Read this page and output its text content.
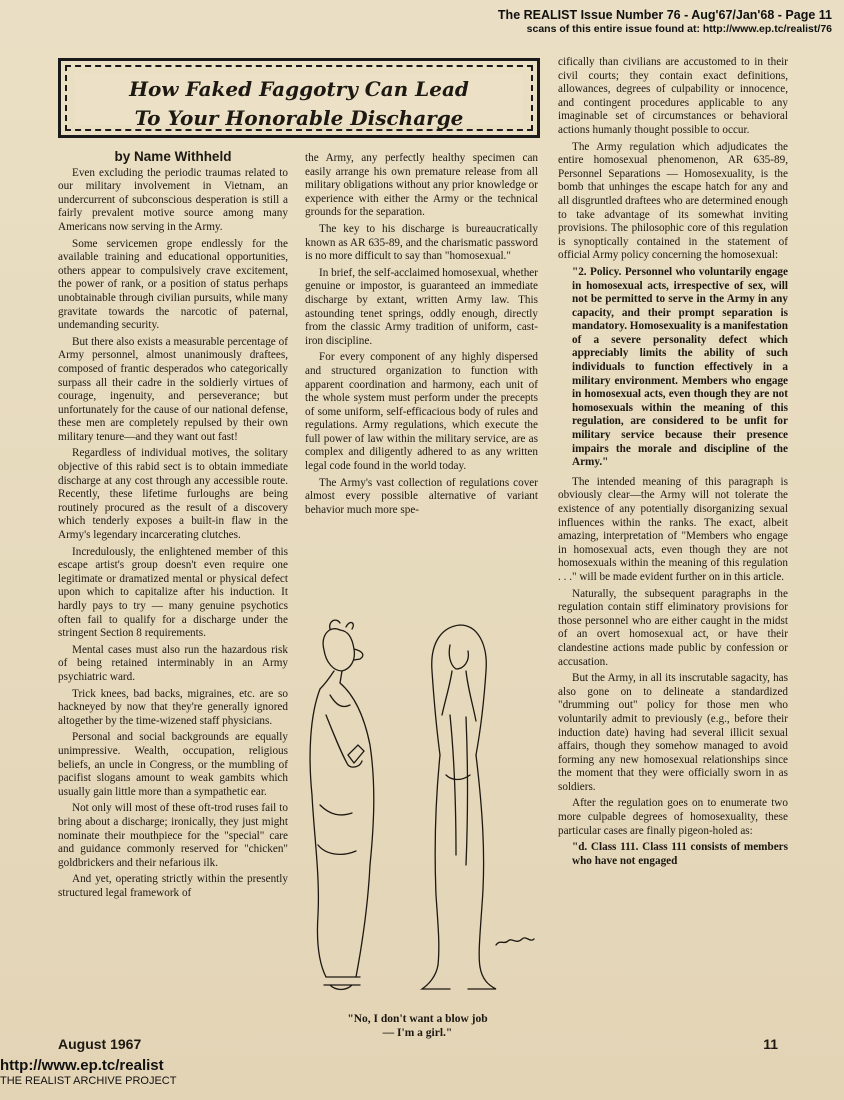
The REALIST Issue Number 76 - Aug'67/Jan'68 - Page 11
scans of this entire issue found at: http://www.ep.tc/realist/76
How Faked Faggotry Can Lead
To Your Honorable Discharge

by Name Withheld

Even excluding the periodic traumas related to our military involvement in Vietnam, an undercurrent of subconscious desperation is still a fairly prevalent motive source among many Americans now serving in the Army.

Some servicemen grope endlessly for the available training and educational opportunities, others appear to compulsively crave excitement, the power of rank, or a position of status perhaps unobtainable through civilian pursuits, while many gravitate towards the narcotic of paternal, undemanding security.

But there also exists a measurable percentage of Army personnel, almost unanimously draftees, composed of frantic desperados who categorically surpass all their cadre in the soldierly virtues of courage, ingenuity, and perseverance; but unfortunately for the cause of our national defense, these men are completely repulsed by their own military tenure—and they want out fast!

Regardless of individual motives, the solitary objective of this rabid sect is to obtain immediate discharge at any cost through any accessible route. Recently, these lifetime furloughs are being routinely procured as the result of a discovery which tenderly exposes a built-in flaw in the Army's legendary incarcerating clutches.

Incredulously, the enlightened member of this escape artist's group doesn't even require one legitimate or dramatized mental or physical defect upon which to capitalize after his induction. It hardly pays to try — many genuine psychotics often fail to qualify for a discharge under the stringent Section 8 requirements.

Mental cases must also run the hazardous risk of being retained interminably in an Army psychiatric ward.

Trick knees, bad backs, migraines, etc. are so hackneyed by now that they're generally ignored altogether by the time-wizened staff physicians.

Personal and social backgrounds are equally unimpressive. Wealth, occupation, religious beliefs, an uncle in Congress, or the mumbling of pacifist slogans amount to weak gambits which usually gain little more than a sympathetic ear.

Not only will most of these oft-trod ruses fail to bring about a discharge; ironically, they just might nominate their mouthpiece for the "special" care and guidance commonly reserved for "chicken" goldbrickers and their nefarious ilk.

And yet, operating strictly within the presently structured legal framework of

the Army, any perfectly healthy specimen can easily arrange his own premature release from all military obligations without any prior knowledge or experience with either the Army or the technical grounds for the separation.

The key to his discharge is bureaucratically known as AR 635-89, and the charismatic password is no more difficult to say than "homosexual."

In brief, the self-acclaimed homosexual, whether genuine or impostor, is guaranteed an immediate discharge by extant, written Army law. This astounding tenet springs, oddly enough, directly from the classic Army tradition of uniform, cast-iron discipline.

For every component of any highly dispersed and structured organization to function with apparent coordination and harmony, each unit of the whole system must perform under the precepts of some uniform, self-efficacious body of rules and regulations. Army regulations, which execute the full power of law within the military service, are as complex and diligently adhered to as any written legal code found in the world today.

The Army's vast collection of regulations cover almost every possible alternative of variant behavior much more spe-

"No, I don't want a blow job
— I'm a girl."

cifically than civilians are accustomed to in their civil courts; they contain exact definitions, allowances, degrees of culpability or innocence, and contingent procedures applicable to any imaginable set of circumstances or behavioral actions humanly thought possible to occur.

The Army regulation which adjudicates the entire homosexual phenomenon, AR 635-89, Personnel Separations — Homosexuality, is the bomb that unhinges the escape hatch for any and all disgruntled draftees who are determined enough to take advantage of its somewhat inviting provisions. The philosophic core of this regulation is synoptically contained in the statement of official Army policy concerning the homosexual:

"2. Policy. Personnel who voluntarily engage in homosexual acts, irrespective of sex, will not be permitted to serve in the Army in any capacity, and their prompt separation is mandatory. Homosexuality is a manifestation of a severe personality defect which appreciably limits the ability of such individuals to function effectively in a military environment. Members who engage in homosexual acts, even though they are not homosexuals within the meaning of this regulation, are considered to be unfit for military service because their presence impairs the morale and discipline of the Army."

The intended meaning of this paragraph is obviously clear—the Army will not tolerate the existence of any potentially disorganizing sexual influences within the ranks. The exact, albeit amazing, interpretation of "Members who engage in homosexual acts, even though they are not homosexuals within the meaning of this regulation . . ." will be made evident further on in this article.

Naturally, the subsequent paragraphs in the regulation contain stiff eliminatory provisions for those personnel who are either caught in the midst of an overt homosexual act, or have their clandestine actions made public by confession or accusation.

But the Army, in all its inscrutable sagacity, has also gone on to delineate a standardized "drumming out" policy for those men who voluntarily admit to previously (e.g., before their induction date) having had several illicit sexual affairs, though they somehow managed to avoid forming any new homosexual relationships since the moment that they were officially sworn in as soldiers.

After the regulation goes on to enumerate two more culpable degrees of homosexuality, these particular cases are finally pigeon-holed as:

"d. Class 111. Class 111 consists of members who have not engaged

August 1967	11
http://www.ep.tc/realist
THE REALIST ARCHIVE PROJECT
